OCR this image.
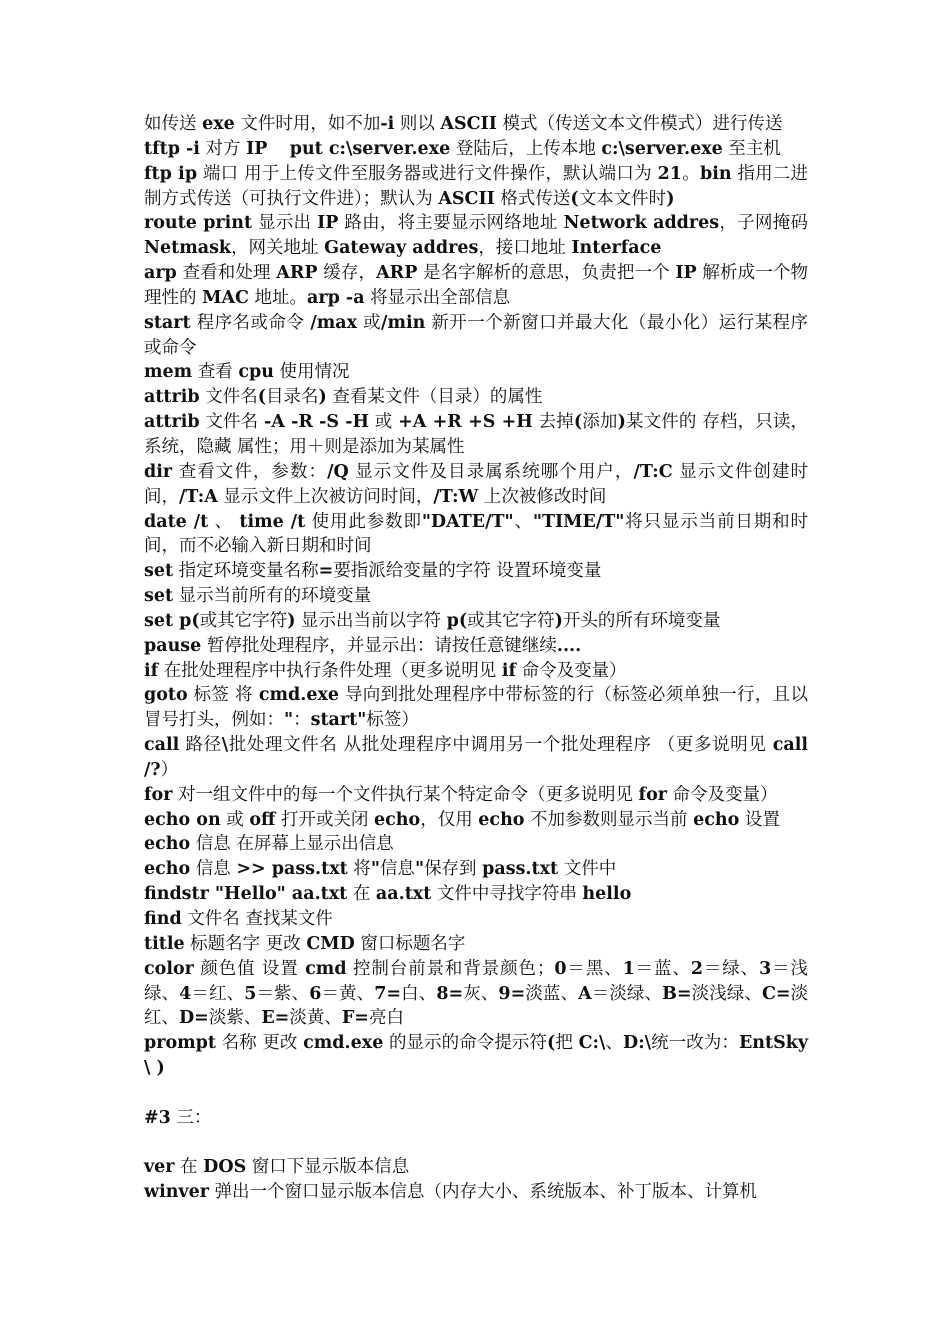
如传送 exe 文件时用，如不加-i 则以 ASCII 模式（传送文本文件模式）进行传送
tftp -i 对方 IP put c:\server.exe 登陆后，上传本地 c:\server.exe 至主机
ftp ip 端口 用于上传文件至服务器或进行文件操作，默认端口为 21。bin 指用二进制方式传送（可执行文件进）；默认为 ASCII 格式传送(文本文件时)
route print 显示出 IP 路由，将主要显示网络地址 Network addres，子网掩码 Netmask，网关地址 Gateway addres，接口地址 Interface
arp 查看和处理 ARP 缓存，ARP 是名字解析的意思，负责把一个 IP 解析成一个物理性的 MAC 地址。arp -a 将显示出全部信息
start 程序名或命令 /max 或/min 新开一个新窗口并最大化（最小化）运行某程序或命令
mem 查看 cpu 使用情况
attrib 文件名(目录名) 查看某文件（目录）的属性
attrib 文件名 -A -R -S -H 或 +A +R +S +H 去掉(添加)某文件的 存档，只读，系统，隐藏 属性；用＋则是添加为某属性
dir 查看文件，参数：/Q 显示文件及目录属系统哪个用户，/T:C 显示文件创建时间，/T:A 显示文件上次被访问时间，/T:W 上次被修改时间
date /t 、 time /t 使用此参数即"DATE/T"、"TIME/T"将只显示当前日期和时间，而不必输入新日期和时间
set 指定环境变量名称=要指派给变量的字符 设置环境变量
set 显示当前所有的环境变量
set p(或其它字符) 显示出当前以字符 p(或其它字符)开头的所有环境变量
pause 暂停批处理程序，并显示出：请按任意键继续....
if 在批处理程序中执行条件处理（更多说明见 if 命令及变量）
goto 标签 将 cmd.exe 导向到批处理程序中带标签的行（标签必须单独一行，且以冒号打头，例如："：start"标签）
call 路径\批处理文件名 从批处理程序中调用另一个批处理程序 （更多说明见 call /?）
for 对一组文件中的每一个文件执行某个特定命令（更多说明见 for 命令及变量）
echo on 或 off 打开或关闭 echo，仅用 echo 不加参数则显示当前 echo 设置
echo 信息 在屏幕上显示出信息
echo 信息 >> pass.txt 将"信息"保存到 pass.txt 文件中
findstr "Hello" aa.txt 在 aa.txt 文件中寻找字符串 hello
find 文件名 查找某文件
title 标题名字 更改 CMD 窗口标题名字
color 颜色值 设置 cmd 控制台前景和背景颜色；0＝黑、1＝蓝、2＝绿、3＝浅绿、4＝红、5＝紫、6＝黄、7=白、8=灰、9=淡蓝、A＝淡绿、B=淡浅绿、C=淡红、D=淡紫、E=淡黄、F=亮白
prompt 名称 更改 cmd.exe 的显示的命令提示符(把 C:\、D:\统一改为：EntSky\ )
#3 三：
ver 在 DOS 窗口下显示版本信息
winver 弹出一个窗口显示版本信息（内存大小、系统版本、补丁版本、计算机
